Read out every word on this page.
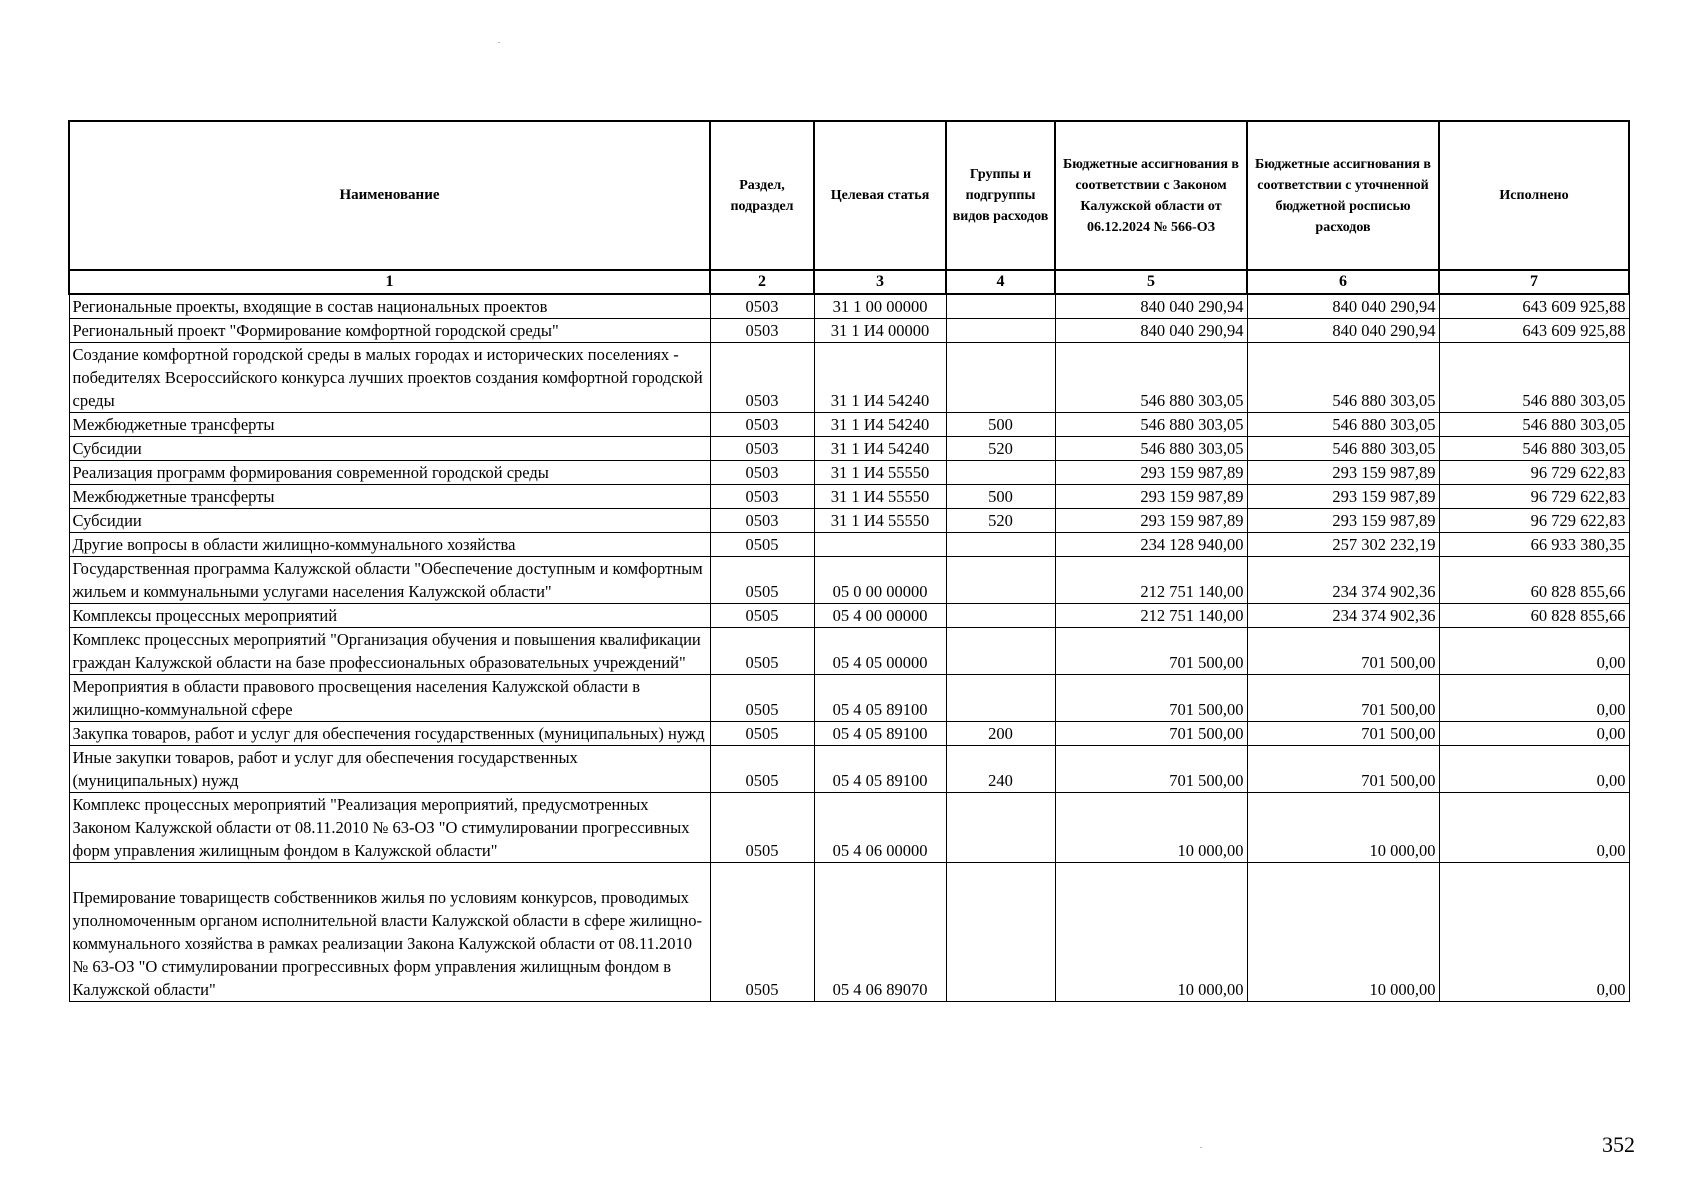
Наименование	Раздел, подраздел	Целевая статья	Группы и подгруппы видов расходов	Бюджетные ассигнования в соответствии с Законом Калужской области от 06.12.2024 № 566-ОЗ	Бюджетные ассигнования в соответствии с уточненной бюджетной росписью расходов	Исполнено
1	2	3	4	5	6	7
Региональные проекты, входящие в состав национальных проектов	0503	31 1 00 00000		840 040 290,94	840 040 290,94	643 609 925,88
Региональный проект "Формирование комфортной городской среды"	0503	31 1 И4 00000		840 040 290,94	840 040 290,94	643 609 925,88
Создание комфортной городской среды в малых городах и исторических поселениях - победителях Всероссийского конкурса лучших проектов создания комфортной городской среды	0503	31 1 И4 54240		546 880 303,05	546 880 303,05	546 880 303,05
Межбюджетные трансферты	0503	31 1 И4 54240	500	546 880 303,05	546 880 303,05	546 880 303,05
Субсидии	0503	31 1 И4 54240	520	546 880 303,05	546 880 303,05	546 880 303,05
Реализация программ формирования современной городской среды	0503	31 1 И4 55550		293 159 987,89	293 159 987,89	96 729 622,83
Межбюджетные трансферты	0503	31 1 И4 55550	500	293 159 987,89	293 159 987,89	96 729 622,83
Субсидии	0503	31 1 И4 55550	520	293 159 987,89	293 159 987,89	96 729 622,83
Другие вопросы в области жилищно-коммунального хозяйства	0505			234 128 940,00	257 302 232,19	66 933 380,35
Государственная программа Калужской области "Обеспечение доступным и комфортным жильем и коммунальными услугами населения Калужской области"	0505	05 0 00 00000		212 751 140,00	234 374 902,36	60 828 855,66
Комплексы процессных мероприятий	0505	05 4 00 00000		212 751 140,00	234 374 902,36	60 828 855,66
Комплекс процессных мероприятий "Организация обучения и повышения квалификации граждан Калужской области на базе профессиональных образовательных учреждений"	0505	05 4 05 00000		701 500,00	701 500,00	0,00
Мероприятия в области правового просвещения населения Калужской области в жилищно-коммунальной сфере	0505	05 4 05 89100		701 500,00	701 500,00	0,00
Закупка товаров, работ и услуг для обеспечения государственных (муниципальных) нужд	0505	05 4 05 89100	200	701 500,00	701 500,00	0,00
Иные закупки товаров, работ и услуг для обеспечения государственных (муниципальных) нужд	0505	05 4 05 89100	240	701 500,00	701 500,00	0,00
Комплекс процессных мероприятий "Реализация мероприятий, предусмотренных Законом Калужской области от 08.11.2010 № 63-ОЗ "О стимулировании прогрессивных форм управления жилищным фондом в Калужской области"	0505	05 4 06 00000		10 000,00	10 000,00	0,00

Премирование товариществ собственников жилья по условиям конкурсов, проводимых уполномоченным органом исполнительной власти Калужской области в сфере жилищно-коммунального хозяйства в рамках реализации Закона Калужской области от 08.11.2010 № 63-ОЗ "О стимулировании прогрессивных форм управления жилищным фондом в Калужской области"	0505	05 4 06 89070		10 000,00	10 000,00	0,00
352
